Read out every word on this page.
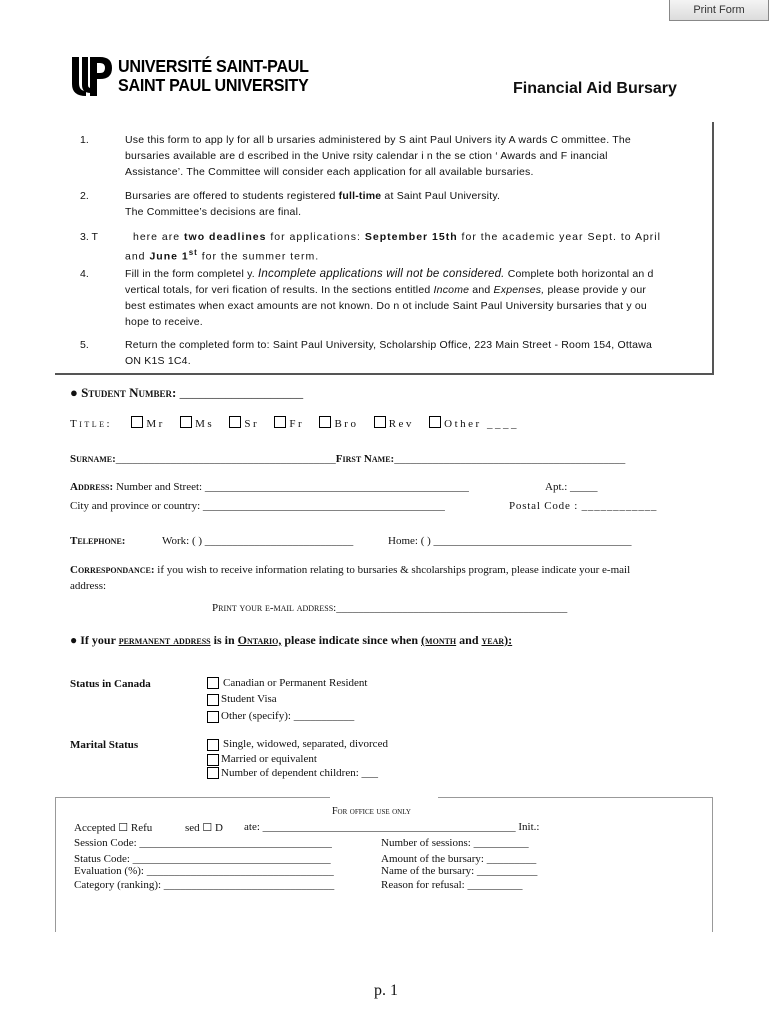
Print Form
UNIVERSITÉ SAINT-PAUL
SAINT PAUL UNIVERSITY	Financial Aid Bursary
1.	Use this form to app ly for all b ursaries administered by S aint Paul Univers ity A wards C ommittee. The
bursaries available are d escribed in the Unive rsity calendar i n the se ction ‘ Awards and F inancial
Assistance’. The Committee will consider each application for all available bursaries.
2.	Bursaries are offered to students registered full-time at Saint Paul University.
The Committee’s decisions are final.
3. T	here are two deadlines for applications: September 15th for the academic year Sept. to April
and June 1st for the summer term.
4.	Fill in the form completel y. Incomplete applications will not be considered. Complete both horizontal an d
vertical totals, for veri fication of results. In the sections entitled Income and Expenses, please provide y our
best estimates when exact amounts are not known. Do n ot include Saint Paul University bursaries that y ou
hope to receive.
5.	Return the completed form to: Saint Paul University, Scholarship Office, 223 Main Street - Room 154, Ottawa
ON K1S 1C4.
● Student Number: ___________________
Title:	Mr	Ms	Sr	Fr	Bro	Rev	Other ____
Surname:________________________________________First Name:__________________________________________
Address: Number and Street: ________________________________________________	Apt.: _____
City and province or country: ____________________________________________	Postal Code : ____________
Telephone:	Work: ( ) ___________________________	Home: ( ) ____________________________________
Correspondance: if you wish to receive information relating to bursaries & shcolarships program, please indicate your e-mail
address:
Print your e-mail address:__________________________________________
● If your permanent address is in Ontario, please indicate since when (month and year):
Status in Canada	Canadian or Permanent Resident
Student Visa
Other (specify): ___________
Marital Status	Single, widowed, separated, divorced
Married or equivalent
Number of dependent children: ___
For office use only
Accepted ☐ Refu	sed ☐ D ate: ______________________________________________ Init.:
Session Code: ___________________________________	Number of sessions: __________
Status Code: ____________________________________	Amount of the bursary: _________
Evaluation (%): __________________________________	Name of the bursary: ___________
Category (ranking): _______________________________	Reason for refusal: __________
p. 1
